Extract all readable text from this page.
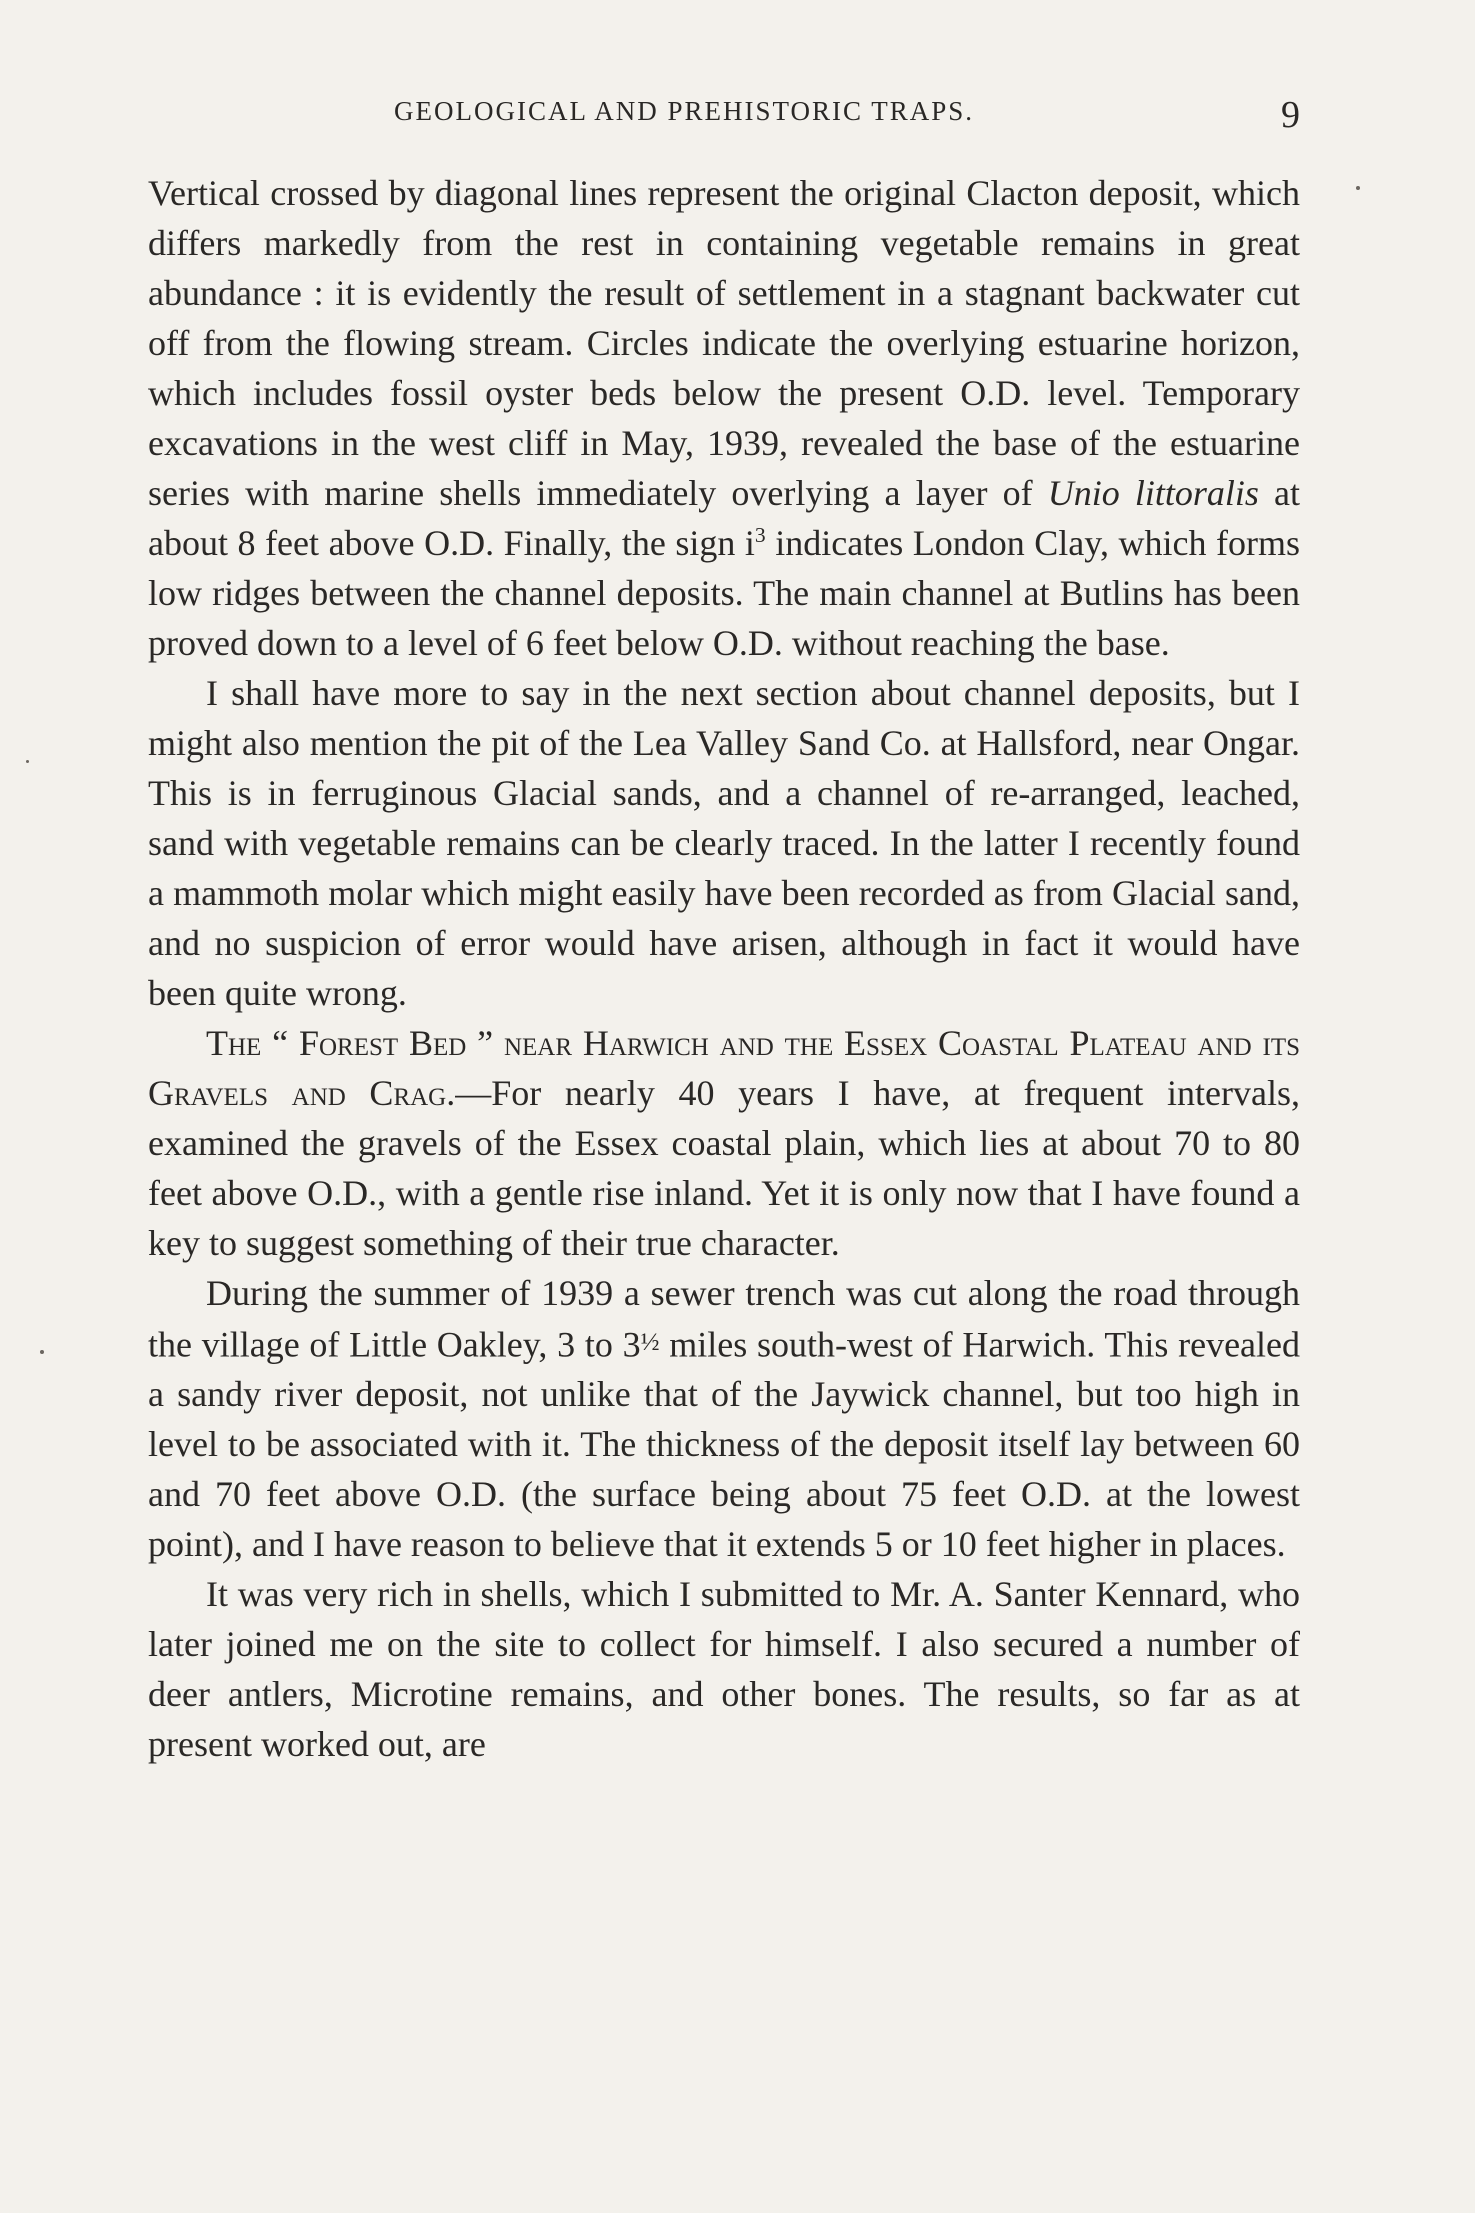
GEOLOGICAL AND PREHISTORIC TRAPS.	9

Vertical crossed by diagonal lines represent the original Clacton deposit, which differs markedly from the rest in containing vegetable remains in great abundance : it is evidently the result of settlement in a stagnant backwater cut off from the flowing stream. Circles indicate the overlying estuarine horizon, which includes fossil oyster beds below the present O.D. level. Temporary excavations in the west cliff in May, 1939, revealed the base of the estuarine series with marine shells immediately overlying a layer of Unio littoralis at about 8 feet above O.D. Finally, the sign $i^3$ indicates London Clay, which forms low ridges between the channel deposits. The main channel at Butlins has been proved down to a level of 6 feet below O.D. without reaching the base.

I shall have more to say in the next section about channel deposits, but I might also mention the pit of the Lea Valley Sand Co. at Hallsford, near Ongar. This is in ferruginous Glacial sands, and a channel of re-arranged, leached, sand with vegetable remains can be clearly traced. In the latter I recently found a mammoth molar which might easily have been recorded as from Glacial sand, and no suspicion of error would have arisen, although in fact it would have been quite wrong.

The “ Forest Bed ” near Harwich and the Essex Coastal Plateau and its Gravels and Crag.—For nearly 40 years I have, at frequent intervals, examined the gravels of the Essex coastal plain, which lies at about 70 to 80 feet above O.D., with a gentle rise inland. Yet it is only now that I have found a key to suggest something of their true character.

During the summer of 1939 a sewer trench was cut along the road through the village of Little Oakley, 3 to 3½ miles south-west of Harwich. This revealed a sandy river deposit, not unlike that of the Jaywick channel, but too high in level to be associated with it. The thickness of the deposit itself lay between 60 and 70 feet above O.D. (the surface being about 75 feet O.D. at the lowest point), and I have reason to believe that it extends 5 or 10 feet higher in places.

It was very rich in shells, which I submitted to Mr. A. Santer Kennard, who later joined me on the site to collect for himself. I also secured a number of deer antlers, Microtine remains, and other bones. The results, so far as at present worked out, are
